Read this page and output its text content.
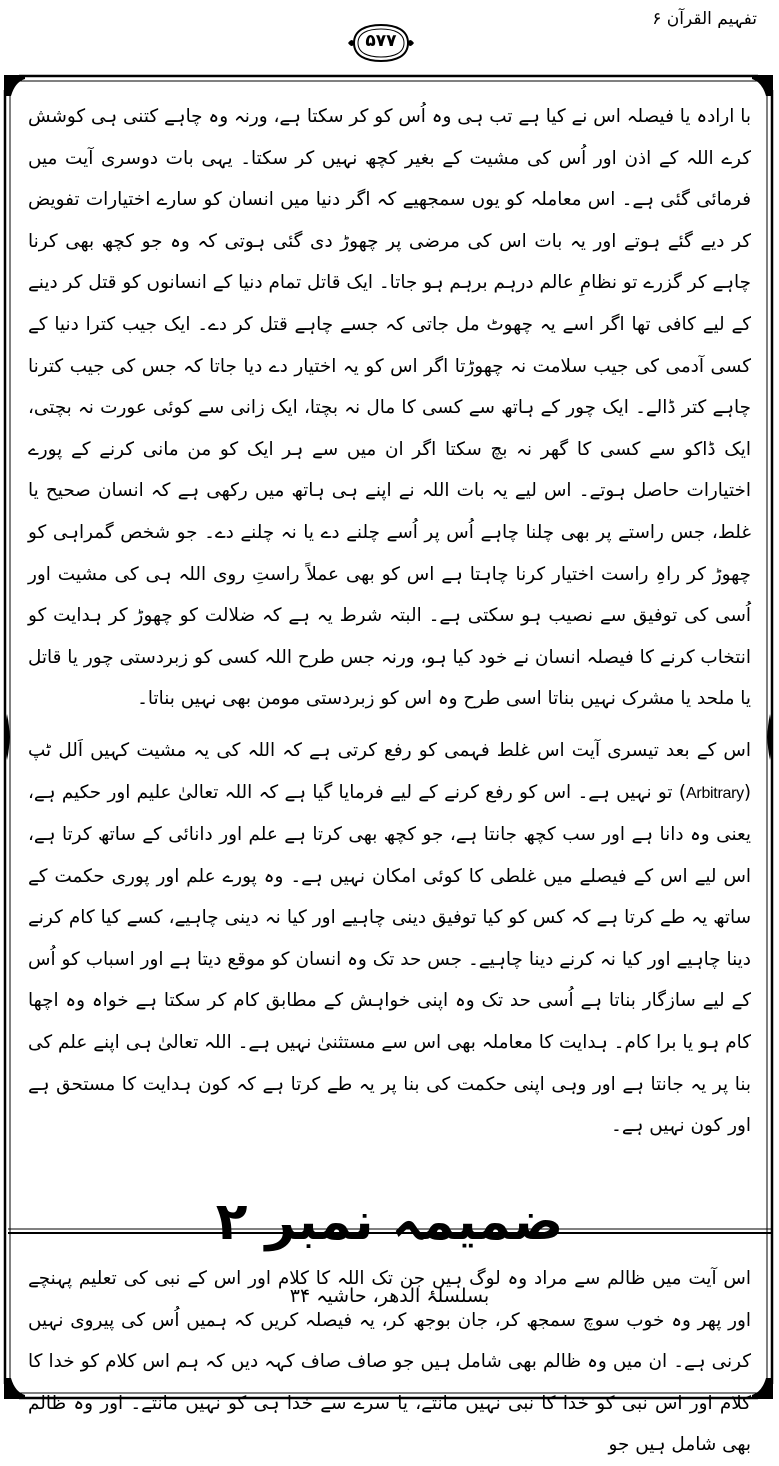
تفہیم القرآن ۶
۵۷۷

با ارادہ یا فیصلہ اس نے کیا ہے تب ہی وہ اُس کو کر سکتا ہے، ورنہ وہ چاہے کتنی ہی کوشش کرے اللہ کے اذن اور اُس کی مشیت کے بغیر کچھ نہیں کر سکتا۔ یہی بات دوسری آیت میں فرمائی گئی ہے۔ اس معاملہ کو یوں سمجھیے کہ اگر دنیا میں انسان کو سارے اختیارات تفویض کر دیے گئے ہوتے اور یہ بات اس کی مرضی پر چھوڑ دی گئی ہوتی کہ وہ جو کچھ بھی کرنا چاہے کر گزرے تو نظامِ عالم درہم برہم ہو جاتا۔ ایک قاتل تمام دنیا کے انسانوں کو قتل کر دینے کے لیے کافی تھا اگر اسے یہ چھوٹ مل جاتی کہ جسے چاہے قتل کر دے۔ ایک جیب کترا دنیا کے کسی آدمی کی جیب سلامت نہ چھوڑتا اگر اس کو یہ اختیار دے دیا جاتا کہ جس کی جیب کترنا چاہے کتر ڈالے۔ ایک چور کے ہاتھ سے کسی کا مال نہ بچتا، ایک زانی سے کوئی عورت نہ بچتی، ایک ڈاکو سے کسی کا گھر نہ بچ سکتا اگر ان میں سے ہر ایک کو من مانی کرنے کے پورے اختیارات حاصل ہوتے۔ اس لیے یہ بات اللہ نے اپنے ہی ہاتھ میں رکھی ہے کہ انسان صحیح یا غلط، جس راستے پر بھی چلنا چاہے اُس پر اُسے چلنے دے یا نہ چلنے دے۔ جو شخص گمراہی کو چھوڑ کر راہِ راست اختیار کرنا چاہتا ہے اس کو بھی عملاً راستِ روی اللہ ہی کی مشیت اور اُسی کی توفیق سے نصیب ہو سکتی ہے۔ البتہ شرط یہ ہے کہ ضلالت کو چھوڑ کر ہدایت کو انتخاب کرنے کا فیصلہ انسان نے خود کیا ہو، ورنہ جس طرح اللہ کسی کو زبردستی چور یا قاتل یا ملحد یا مشرک نہیں بناتا اسی طرح وہ اس کو زبردستی مومن بھی نہیں بناتا۔

اس کے بعد تیسری آیت اس غلط فہمی کو رفع کرتی ہے کہ اللہ کی یہ مشیت کہیں اَلل ٹپ (Arbitrary) تو نہیں ہے۔ اس کو رفع کرنے کے لیے فرمایا گیا ہے کہ اللہ تعالیٰ علیم اور حکیم ہے، یعنی وہ دانا ہے اور سب کچھ جانتا ہے، جو کچھ بھی کرتا ہے علم اور دانائی کے ساتھ کرتا ہے، اس لیے اس کے فیصلے میں غلطی کا کوئی امکان نہیں ہے۔ وہ پورے علم اور پوری حکمت کے ساتھ یہ طے کرتا ہے کہ کس کو کیا توفیق دینی چاہیے اور کیا نہ دینی چاہیے، کسے کیا کام کرنے دینا چاہیے اور کیا نہ کرنے دینا چاہیے۔ جس حد تک وہ انسان کو موقع دیتا ہے اور اسباب کو اُس کے لیے سازگار بناتا ہے اُسی حد تک وہ اپنی خواہش کے مطابق کام کر سکتا ہے خواہ وہ اچھا کام ہو یا برا کام۔ ہدایت کا معاملہ بھی اس سے مستثنیٰ نہیں ہے۔ اللہ تعالیٰ ہی اپنے علم کی بنا پر یہ جانتا ہے اور وہی اپنی حکمت کی بنا پر یہ طے کرتا ہے کہ کون ہدایت کا مستحق ہے اور کون نہیں ہے۔

ضمیمہ نمبر ۲
بسلسلۂ الدھر، حاشیہ ۳۴

اس آیت میں ظالم سے مراد وہ لوگ ہیں جن تک اللہ کا کلام اور اس کے نبی کی تعلیم پہنچے اور پھر وہ خوب سوچ سمجھ کر، جان بوجھ کر، یہ فیصلہ کریں کہ ہمیں اُس کی پیروی نہیں کرنی ہے۔ ان میں وہ ظالم بھی شامل ہیں جو صاف صاف کہہ دیں کہ ہم اس کلام کو خدا کا کلام اور اس نبی کو خدا کا نبی نہیں مانتے، یا سرے سے خدا ہی کو نہیں مانتے۔ اور وہ ظالم بھی شامل ہیں جو
